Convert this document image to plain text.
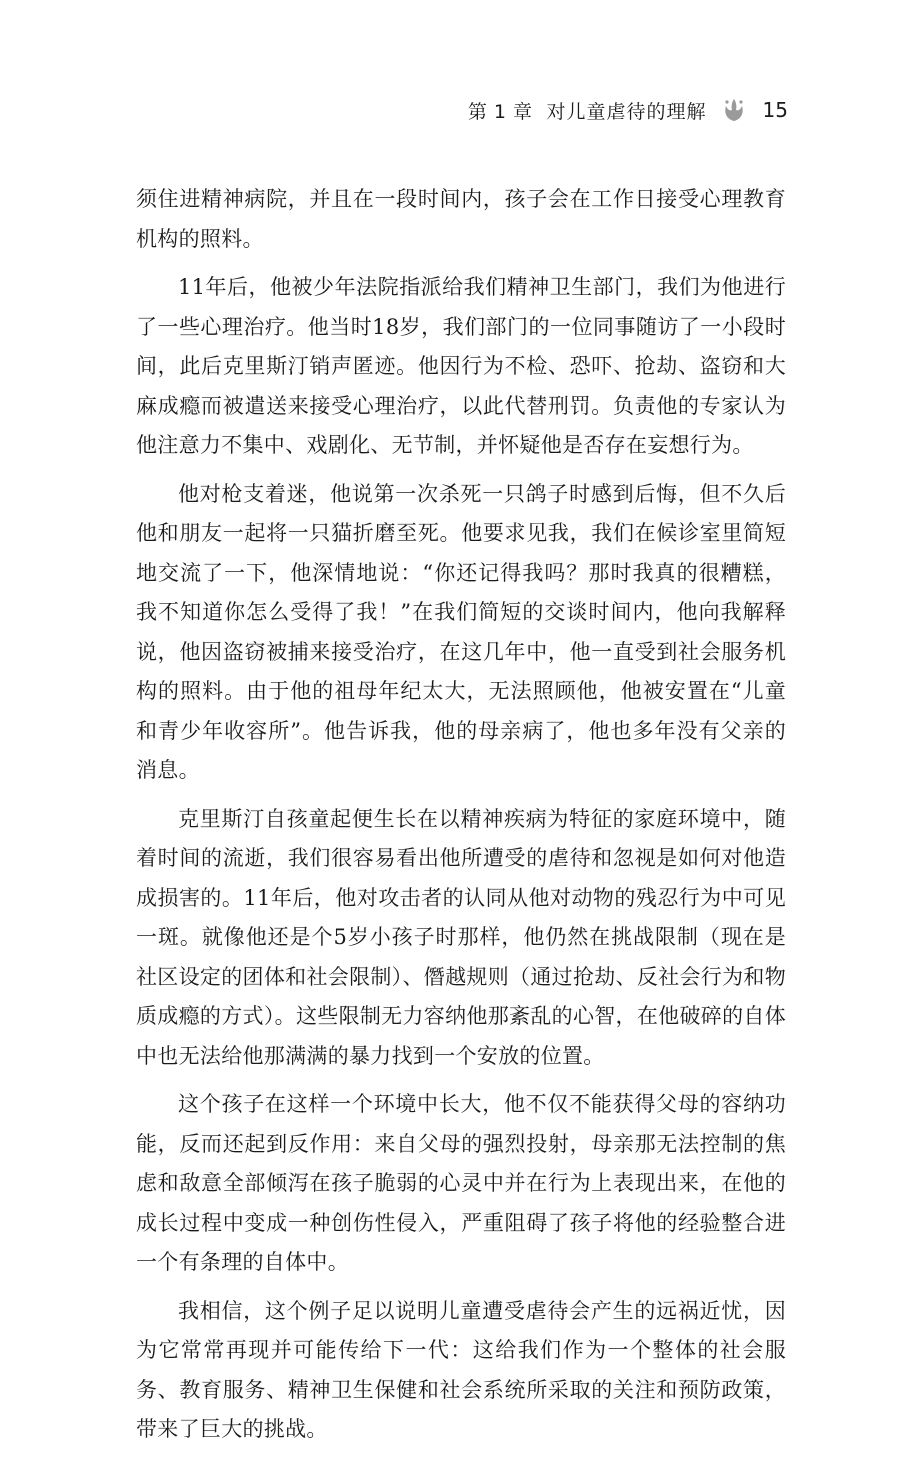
第 1 章 对儿童虐待的理解	15

须住进精神病院，并且在一段时间内，孩子会在工作日接受心理教育机构的照料。

11年后，他被少年法院指派给我们精神卫生部门，我们为他进行了一些心理治疗。他当时18岁，我们部门的一位同事随访了一小段时间，此后克里斯汀销声匿迹。他因行为不检、恐吓、抢劫、盗窃和大麻成瘾而被遣送来接受心理治疗，以此代替刑罚。负责他的专家认为他注意力不集中、戏剧化、无节制，并怀疑他是否存在妄想行为。

他对枪支着迷，他说第一次杀死一只鸽子时感到后悔，但不久后他和朋友一起将一只猫折磨至死。他要求见我，我们在候诊室里简短地交流了一下，他深情地说：“你还记得我吗？那时我真的很糟糕，我不知道你怎么受得了我！”在我们简短的交谈时间内，他向我解释说，他因盗窃被捕来接受治疗，在这几年中，他一直受到社会服务机构的照料。由于他的祖母年纪太大，无法照顾他，他被安置在“儿童和青少年收容所”。他告诉我，他的母亲病了，他也多年没有父亲的消息。

克里斯汀自孩童起便生长在以精神疾病为特征的家庭环境中，随着时间的流逝，我们很容易看出他所遭受的虐待和忽视是如何对他造成损害的。11年后，他对攻击者的认同从他对动物的残忍行为中可见一斑。就像他还是个5岁小孩子时那样，他仍然在挑战限制（现在是社区设定的团体和社会限制）、僭越规则（通过抢劫、反社会行为和物质成瘾的方式）。这些限制无力容纳他那紊乱的心智，在他破碎的自体中也无法给他那满满的暴力找到一个安放的位置。

这个孩子在这样一个环境中长大，他不仅不能获得父母的容纳功能，反而还起到反作用：来自父母的强烈投射，母亲那无法控制的焦虑和敌意全部倾泻在孩子脆弱的心灵中并在行为上表现出来，在他的成长过程中变成一种创伤性侵入，严重阻碍了孩子将他的经验整合进一个有条理的自体中。

我相信，这个例子足以说明儿童遭受虐待会产生的远祸近忧，因为它常常再现并可能传给下一代：这给我们作为一个整体的社会服务、教育服务、精神卫生保健和社会系统所采取的关注和预防政策，带来了巨大的挑战。
